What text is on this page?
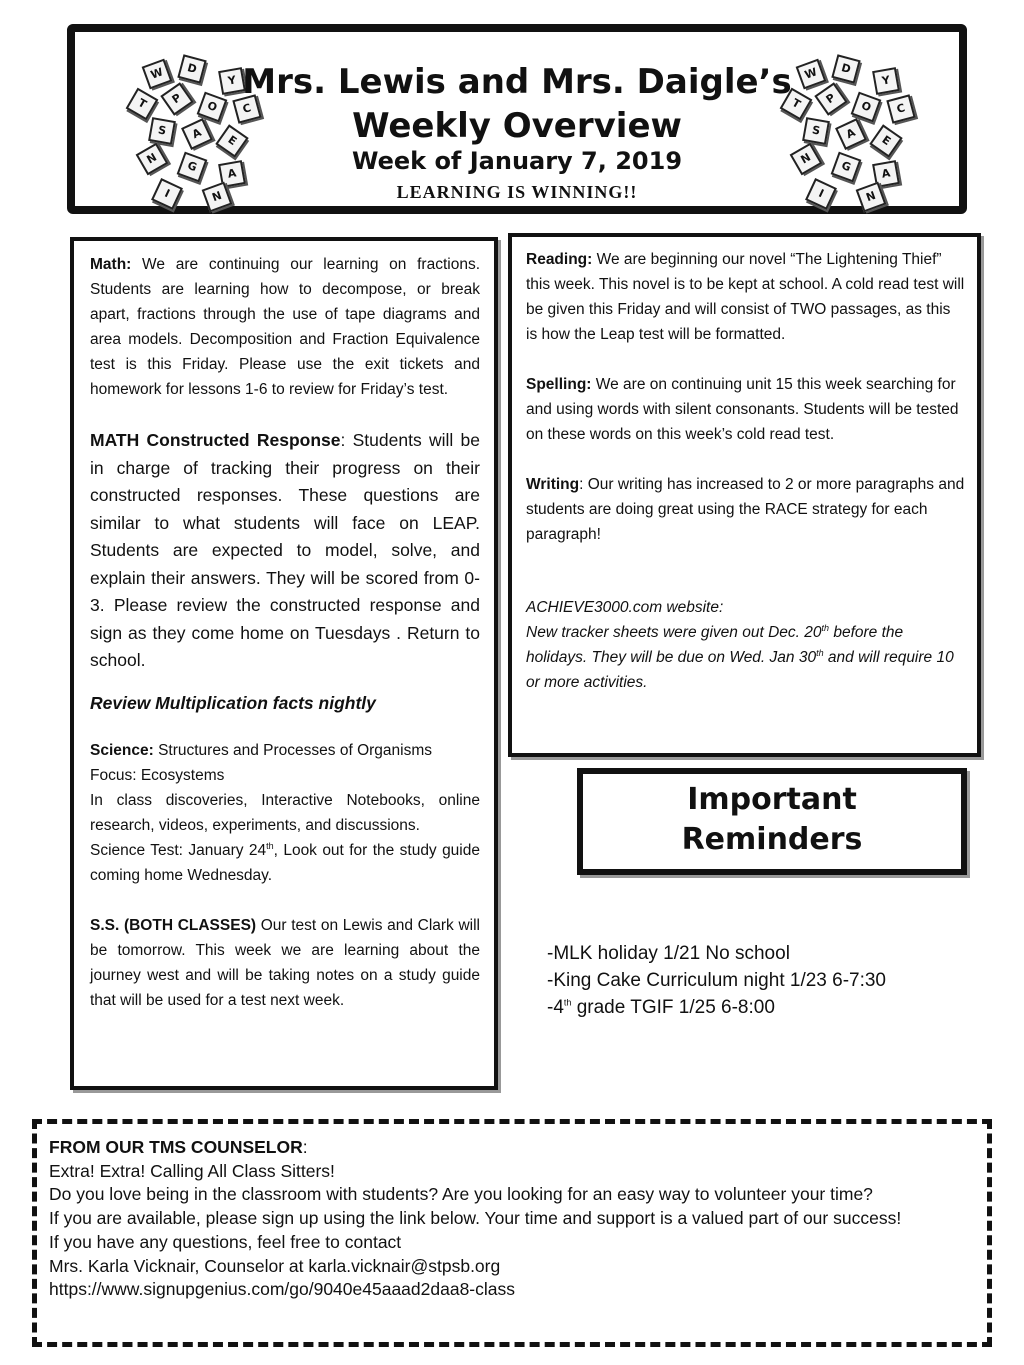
W	D
Y
T	P
O	C
S	A	E
N
G	A
I	N
W	D
Y
T	P
O	C
S	A	E
N
G	A
I	N
Mrs. Lewis and Mrs. Daigle’s
Weekly Overview
Week of January 7, 2019
LEARNING IS WINNING!!

Math: We are continuing our learning on fractions. Students are learning how to decompose, or break apart, fractions through the use of tape diagrams and area models. Decomposition and Fraction Equivalence test is this Friday. Please use the exit tickets and homework for lessons 1-6 to review for Friday’s test.

MATH Constructed Response: Students will be in charge of tracking their progress on their constructed responses. These questions are similar to what students will face on LEAP. Students are expected to model, solve, and explain their answers. They will be scored from 0-3. Please review the constructed response and sign as they come home on Tuesdays . Return to school.

Review Multiplication facts nightly

Science: Structures and Processes of Organisms
Focus: Ecosystems

In class discoveries, Interactive Notebooks, online research, videos, experiments, and discussions.
Science Test: January 24th, Look out for the study guide coming home Wednesday.

S.S. (BOTH CLASSES) Our test on Lewis and Clark will be tomorrow. This week we are learning about the journey west and will be taking notes on a study guide that will be used for a test next week.

Reading: We are beginning our novel “The Lightening Thief” this week. This novel is to be kept at school. A cold read test will be given this Friday and will consist of TWO passages, as this is how the Leap test will be formatted.

Spelling: We are on continuing unit 15 this week searching for and using words with silent consonants. Students will be tested on these words on this week’s cold read test.

Writing: Our writing has increased to 2 or more paragraphs and students are doing great using the RACE strategy for each paragraph!

ACHIEVE3000.com website:
New tracker sheets were given out Dec. 20th before the holidays. They will be due on Wed. Jan 30th and will require 10 or more activities.

Important
Reminders
-MLK holiday 1/21 No school
-King Cake Curriculum night 1/23 6-7:30
-4th grade TGIF 1/25 6-8:00
FROM OUR TMS COUNSELOR:
Extra! Extra! Calling All Class Sitters!
Do you love being in the classroom with students? Are you looking for an easy way to volunteer your time?
If you are available, please sign up using the link below. Your time and support is a valued part of our success!
If you have any questions, feel free to contact
Mrs. Karla Vicknair, Counselor at karla.vicknair@stpsb.org
https://www.signupgenius.com/go/9040e45aaad2daa8-class
